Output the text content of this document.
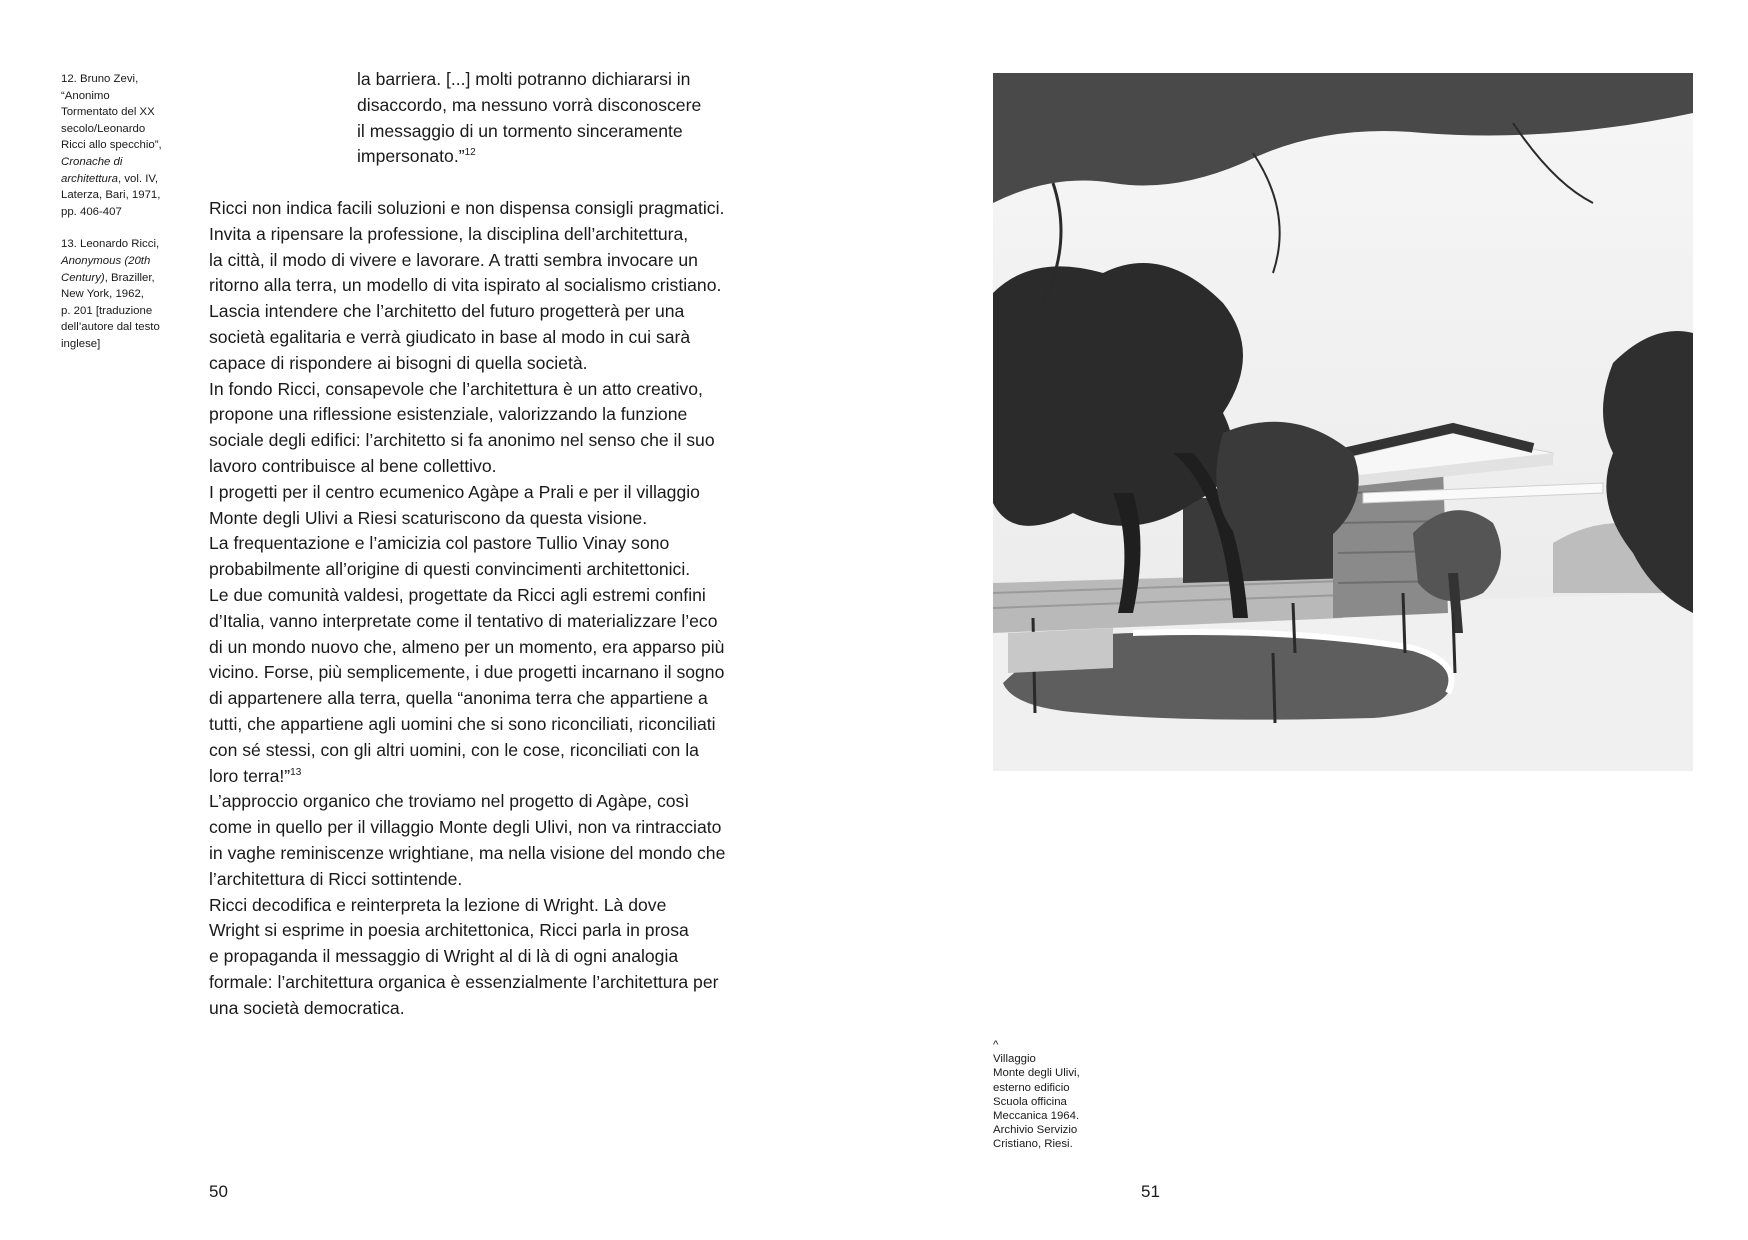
12. Bruno Zevi,
“Anonimo
Tormentato del XX
secolo/Leonardo
Ricci allo specchio”,
Cronache di
architettura, vol. IV,
Laterza, Bari, 1971,
pp. 406-407
13. Leonardo Ricci,
Anonymous (20th
Century), Braziller,
New York, 1962,
p. 201 [traduzione
dell’autore dal testo
inglese]
la barriera. [...] molti potranno dichiararsi in
disaccordo, ma nessuno vorrà disconoscere
il messaggio di un tormento sinceramente
impersonato.”$^{12}$
Ricci non indica facili soluzioni e non dispensa consigli pragmatici.
Invita a ripensare la professione, la disciplina dell’architettura,
la città, il modo di vivere e lavorare. A tratti sembra invocare un
ritorno alla terra, un modello di vita ispirato al socialismo cristiano.
Lascia intendere che l’architetto del futuro progetterà per una
società egalitaria e verrà giudicato in base al modo in cui sarà
capace di rispondere ai bisogni di quella società.
In fondo Ricci, consapevole che l’architettura è un atto creativo,
propone una riflessione esistenziale, valorizzando la funzione
sociale degli edifici: l’architetto si fa anonimo nel senso che il suo
lavoro contribuisce al bene collettivo.
I progetti per il centro ecumenico Agàpe a Prali e per il villaggio
Monte degli Ulivi a Riesi scaturiscono da questa visione.
La frequentazione e l’amicizia col pastore Tullio Vinay sono
probabilmente all’origine di questi convincimenti architettonici.
Le due comunità valdesi, progettate da Ricci agli estremi confini
d’Italia, vanno interpretate come il tentativo di materializzare l’eco
di un mondo nuovo che, almeno per un momento, era apparso più
vicino. Forse, più semplicemente, i due progetti incarnano il sogno
di appartenere alla terra, quella “anonima terra che appartiene a
tutti, che appartiene agli uomini che si sono riconciliati, riconciliati
con sé stessi, con gli altri uomini, con le cose, riconciliati con la
loro terra!”$^{13}$
L’approccio organico che troviamo nel progetto di Agàpe, così
come in quello per il villaggio Monte degli Ulivi, non va rintracciato
in vaghe reminiscenze wrightiane, ma nella visione del mondo che
l’architettura di Ricci sottintende.
Ricci decodifica e reinterpreta la lezione di Wright. Là dove
Wright si esprime in poesia architettonica, Ricci parla in prosa
e propaganda il messaggio di Wright al di là di ogni analogia
formale: l’architettura organica è essenzialmente l’architettura per
una società democratica.
50	51
^
Villaggio
Monte degli Ulivi,
esterno edificio
Scuola officina
Meccanica 1964.
Archivio Servizio
Cristiano, Riesi.
